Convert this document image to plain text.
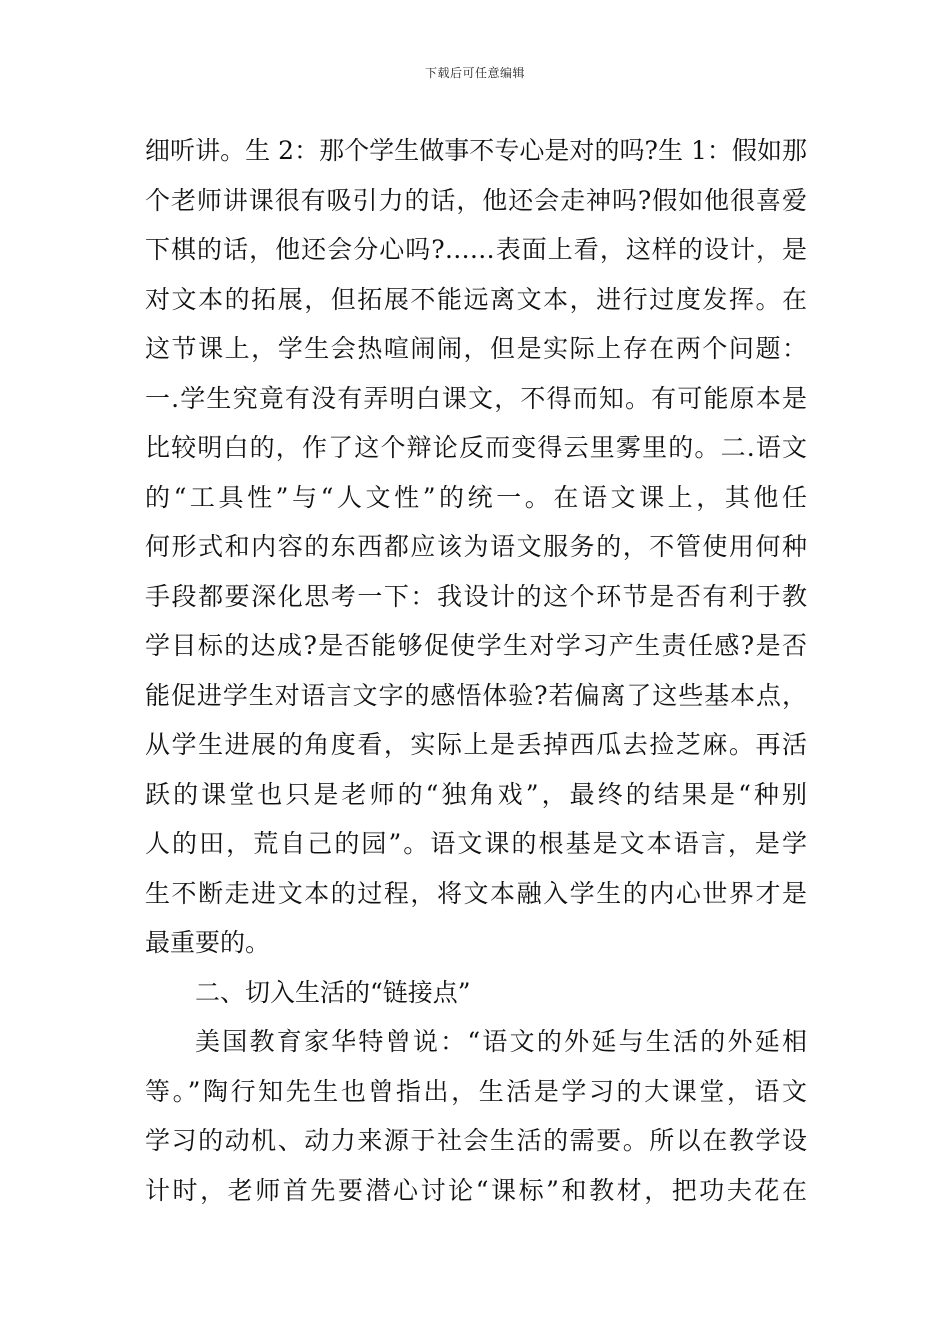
下载后可任意编辑
细听讲。生 2：那个学生做事不专心是对的吗?生 1：假如那
个老师讲课很有吸引力的话，他还会走神吗?假如他很喜爱
下棋的话，他还会分心吗?……表面上看，这样的设计，是
对文本的拓展，但拓展不能远离文本，进行过度发挥。在
这节课上，学生会热喧闹闹，但是实际上存在两个问题：
一.学生究竟有没有弄明白课文，不得而知。有可能原本是
比较明白的，作了这个辩论反而变得云里雾里的。二.语文
的“工具性”与“人文性”的统一。在语文课上，其他任
何形式和内容的东西都应该为语文服务的，不管使用何种
手段都要深化思考一下：我设计的这个环节是否有利于教
学目标的达成?是否能够促使学生对学习产生责任感?是否
能促进学生对语言文字的感悟体验?若偏离了这些基本点，
从学生进展的角度看，实际上是丢掉西瓜去捡芝麻。再活
跃的课堂也只是老师的“独角戏”，最终的结果是“种别
人的田，荒自己的园”。语文课的根基是文本语言，是学
生不断走进文本的过程，将文本融入学生的内心世界才是
最重要的。
二、切入生活的“链接点”
美国教育家华特曾说：“语文的外延与生活的外延相
等。”陶行知先生也曾指出，生活是学习的大课堂，语文
学习的动机、动力来源于社会生活的需要。所以在教学设
计时，老师首先要潜心讨论“课标”和教材，把功夫花在
